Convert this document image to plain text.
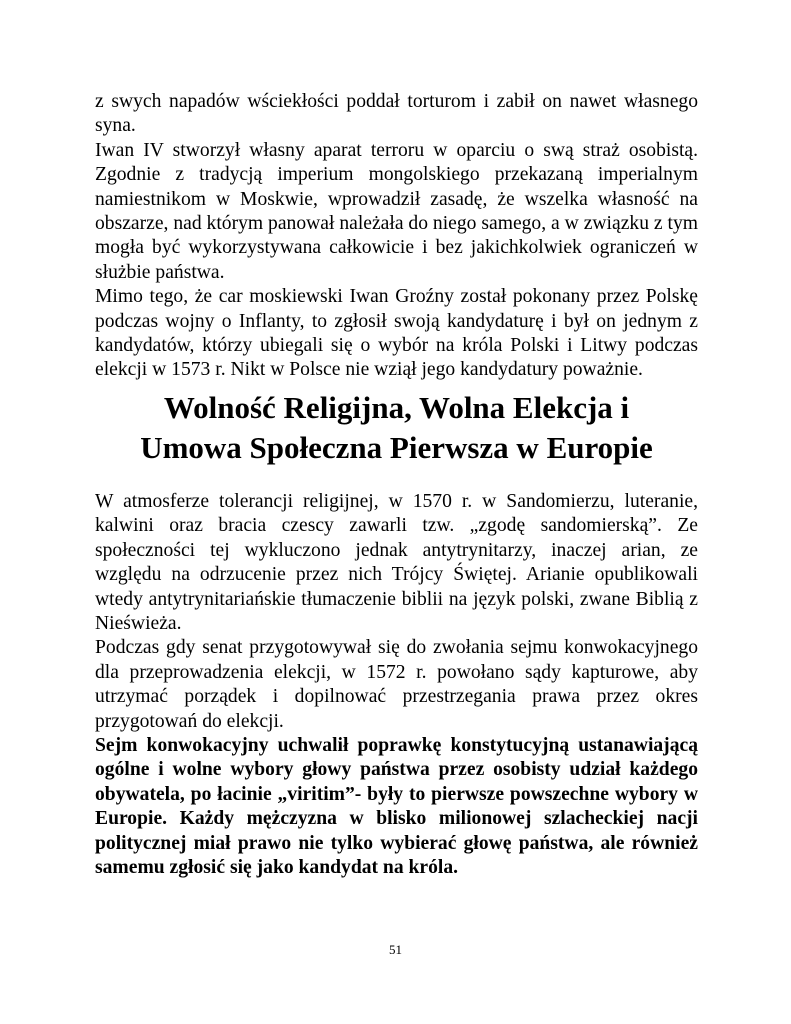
z swych napadów wściekłości poddał torturom i zabił on nawet własnego syna.

Iwan IV stworzył własny aparat terroru w oparciu o swą straż osobistą. Zgodnie z tradycją imperium mongolskiego przekazaną imperialnym namiestnikom w Moskwie, wprowadził zasadę, że wszelka własność na obszarze, nad którym panował należała do niego samego, a w związku z tym mogła być wykorzystywana całkowicie i bez jakichkolwiek ograniczeń w służbie państwa.

Mimo tego, że car moskiewski Iwan Groźny został pokonany przez Polskę podczas wojny o Inflanty, to zgłosił swoją kandydaturę i był on jednym z kandydatów, którzy ubiegali się o wybór na króla Polski i Litwy podczas elekcji w 1573 r. Nikt w Polsce nie wziął jego kandydatury poważnie.

Wolność Religijna, Wolna Elekcja i
Umowa Społeczna Pierwsza w Europie

W atmosferze tolerancji religijnej, w 1570 r. w Sandomierzu, luteranie, kalwini oraz bracia czescy zawarli tzw. „zgodę sandomierską”. Ze społeczności tej wykluczono jednak antytrynitarzy, inaczej arian, ze względu na odrzucenie przez nich Trójcy Świętej. Arianie opublikowali wtedy antytrynitariańskie tłumaczenie biblii na język polski, zwane Biblią z Nieświeża.

Podczas gdy senat przygotowywał się do zwołania sejmu konwokacyjnego dla przeprowadzenia elekcji, w 1572 r. powołano sądy kapturowe, aby utrzymać porządek i dopilnować przestrzegania prawa przez okres przygotowań do elekcji.

Sejm konwokacyjny uchwalił poprawkę konstytucyjną ustanawiającą ogólne i wolne wybory głowy państwa przez osobisty udział każdego obywatela, po łacinie „viritim”- były to pierwsze powszechne wybory w Europie. Każdy mężczyzna w blisko milionowej szlacheckiej nacji politycznej miał prawo nie tylko wybierać głowę państwa, ale również samemu zgłosić się jako kandydat na króla.

51
